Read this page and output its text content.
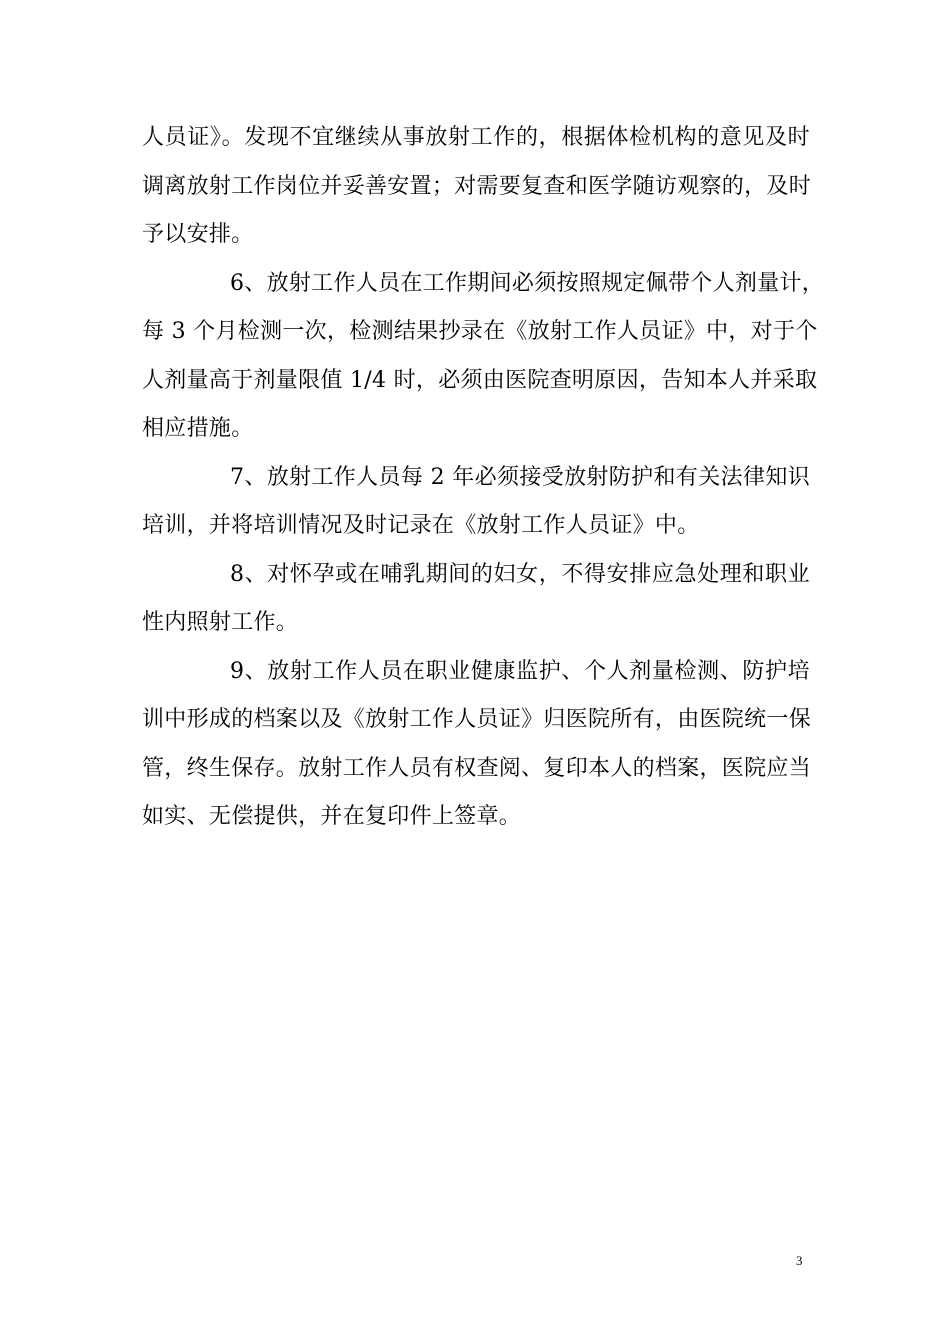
人员证》。发现不宜继续从事放射工作的，根据体检机构的意见及时
调离放射工作岗位并妥善安置；对需要复查和医学随访观察的，及时
予以安排。
6、放射工作人员在工作期间必须按照规定佩带个人剂量计，
每 3 个月检测一次，检测结果抄录在《放射工作人员证》中，对于个
人剂量高于剂量限值 1/4 时，必须由医院查明原因，告知本人并采取
相应措施。
7、放射工作人员每 2 年必须接受放射防护和有关法律知识
培训，并将培训情况及时记录在《放射工作人员证》中。
8、对怀孕或在哺乳期间的妇女，不得安排应急处理和职业
性内照射工作。
9、放射工作人员在职业健康监护、个人剂量检测、防护培
训中形成的档案以及《放射工作人员证》归医院所有，由医院统一保
管，终生保存。放射工作人员有权查阅、复印本人的档案，医院应当
如实、无偿提供，并在复印件上签章。
3
